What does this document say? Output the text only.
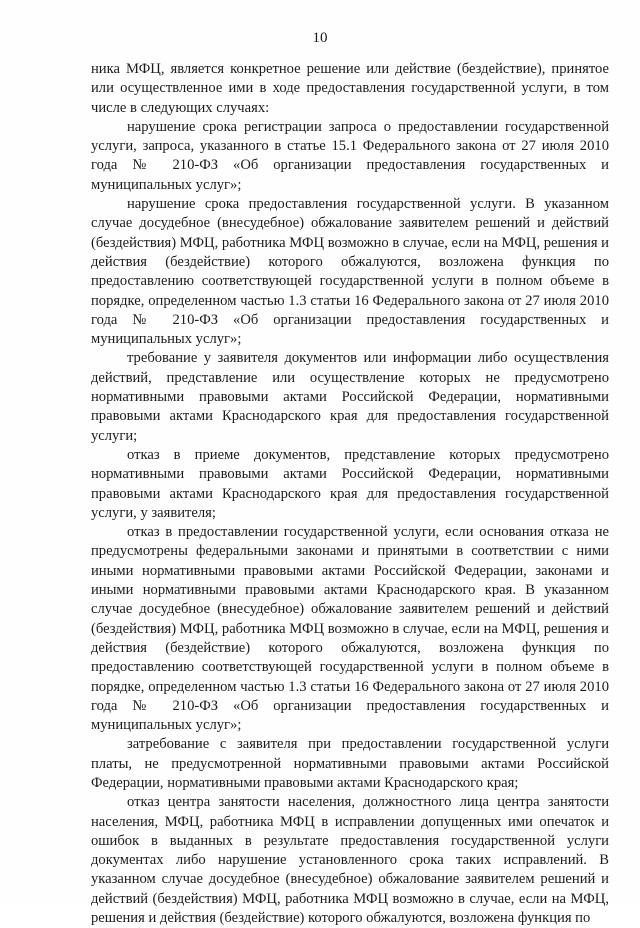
10

ника МФЦ, является конкретное решение или действие (бездействие), принятое или осуществленное ими в ходе предоставления государственной услуги, в том числе в следующих случаях:

нарушение срока регистрации запроса о предоставлении государственной услуги, запроса, указанного в статье 15.1 Федерального закона от 27 июля 2010 года № 210-ФЗ «Об организации предоставления государственных и муниципальных услуг»;

нарушение срока предоставления государственной услуги. В указанном случае досудебное (внесудебное) обжалование заявителем решений и действий (бездействия) МФЦ, работника МФЦ возможно в случае, если на МФЦ, решения и действия (бездействие) которого обжалуются, возложена функция по предоставлению соответствующей государственной услуги в полном объеме в порядке, определенном частью 1.3 статьи 16 Федерального закона от 27 июля 2010 года № 210-ФЗ «Об организации предоставления государственных и муниципальных услуг»;

требование у заявителя документов или информации либо осуществления действий, представление или осуществление которых не предусмотрено нормативными правовыми актами Российской Федерации, нормативными правовыми актами Краснодарского края для предоставления государственной услуги;

отказ в приеме документов, представление которых предусмотрено нормативными правовыми актами Российской Федерации, нормативными правовыми актами Краснодарского края для предоставления государственной услуги, у заявителя;

отказ в предоставлении государственной услуги, если основания отказа не предусмотрены федеральными законами и принятыми в соответствии с ними иными нормативными правовыми актами Российской Федерации, законами и иными нормативными правовыми актами Краснодарского края. В указанном случае досудебное (внесудебное) обжалование заявителем решений и действий (бездействия) МФЦ, работника МФЦ возможно в случае, если на МФЦ, решения и действия (бездействие) которого обжалуются, возложена функция по предоставлению соответствующей государственной услуги в полном объеме в порядке, определенном частью 1.3 статьи 16 Федерального закона от 27 июля 2010 года № 210-ФЗ «Об организации предоставления государственных и муниципальных услуг»;

затребование с заявителя при предоставлении государственной услуги платы, не предусмотренной нормативными правовыми актами Российской Федерации, нормативными правовыми актами Краснодарского края;

отказ центра занятости населения, должностного лица центра занятости населения, МФЦ, работника МФЦ в исправлении допущенных ими опечаток и ошибок в выданных в результате предоставления государственной услуги документах либо нарушение установленного срока таких исправлений. В указанном случае досудебное (внесудебное) обжалование заявителем решений и действий (бездействия) МФЦ, работника МФЦ возможно в случае, если на МФЦ, решения и действия (бездействие) которого обжалуются, возложена функция по
